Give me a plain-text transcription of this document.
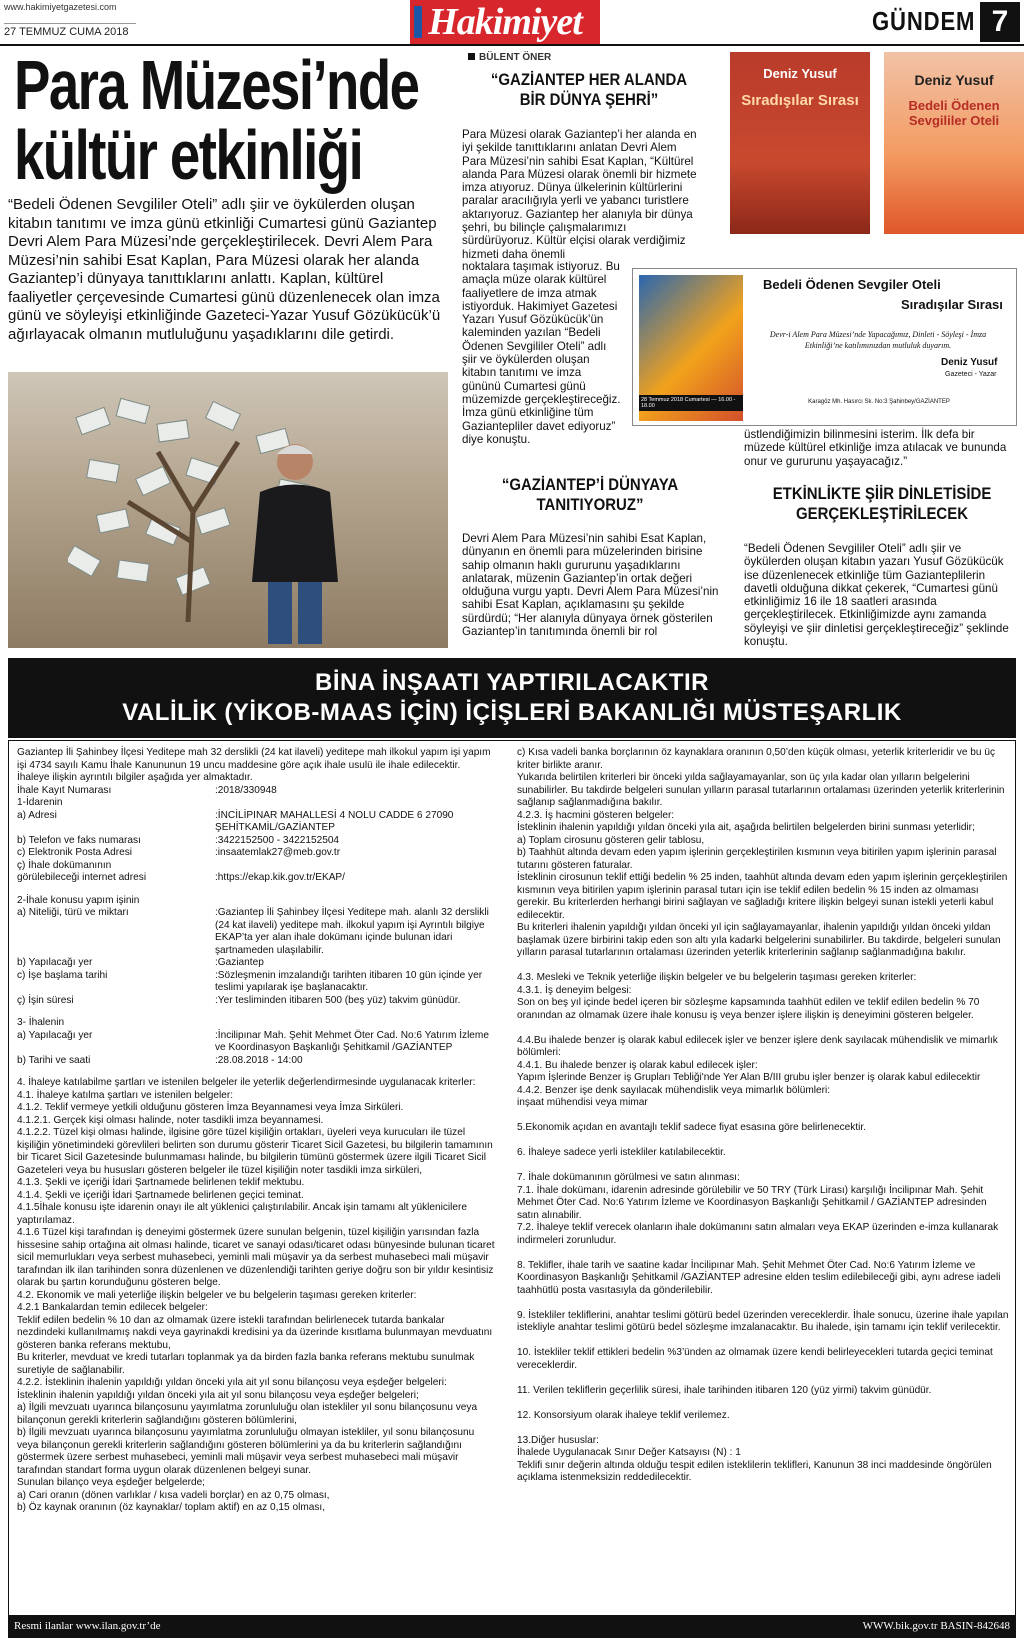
www.hakimiyetgazetesi.com
27 TEMMUZ CUMA 2018	Hakimiyet	GÜNDEM 7
Para Müzesi’nde
kültür etkinliği
“Bedeli Ödenen Sevgililer Oteli” adlı şiir ve öykülerden oluşan kitabın tanıtımı ve imza günü etkinliği Cumartesi günü Gaziantep Devri Alem Para Müzesi’nde gerçekleştirilecek. Devri Alem Para Müzesi’nin sahibi Esat Kaplan, Para Müzesi olarak her alanda Gaziantep’i dünyaya tanıttıklarını anlattı. Kaplan, kültürel faaliyetler çerçevesinde Cumartesi günü düzenlenecek olan imza günü ve söyleyişi etkinliğinde Gazeteci-Yazar Yusuf Gözükücük’ü ağırlayacak olmanın mutluluğunu yaşadıklarını dile getirdi.
BÜLENT ÖNER
“GAZİANTEP HER ALANDA BİR DÜNYA ŞEHRİ”
Para Müzesi olarak Gaziantep’i her alanda en iyi şekilde tanıttıklarını anlatan Devri Alem Para Müzesi’nin sahibi Esat Kaplan, “Kültürel alanda Para Müzesi olarak önemli bir hizmete imza atıyoruz. Dünya ülkelerinin kültürlerini paralar aracılığıyla yerli ve yabancı turistlere aktarıyoruz. Gaziantep her alanıyla bir dünya şehri, bu bilinçle çalışmalarımızı sürdürüyoruz. Kültür elçisi olarak verdiğimiz hizmeti daha önemli
noktalara taşımak istiyoruz. Bu amaçla müze olarak kültürel faaliyetlere de imza atmak istiyorduk. Hakimiyet Gazetesi Yazarı Yusuf Gözükücük’ün kaleminden yazılan “Bedeli Ödenen Sevgililer Oteli” adlı şiir ve öykülerden oluşan kitabın tanıtımı ve imza gününü Cumartesi günü müzemizde gerçekleştireceğiz. İmza günü etkinliğine tüm Gaziantepliler davet ediyoruz” diye konuştu.
“GAZİANTEP’İ DÜNYAYA TANITIYORUZ”
Devri Alem Para Müzesi’nin sahibi Esat Kaplan, dünyanın en önemli para müzelerinden birisine sahip olmanın haklı gururunu yaşadıklarını anlatarak, müzenin Gaziantep’in ortak değeri olduğuna vurgu yaptı. Devri Alem Para Müzesi’nin sahibi Esat Kaplan, açıklamasını şu şekilde sürdürdü; “Her alanıyla dünyaya örnek gösterilen Gaziantep’in tanıtımında önemli bir rol
Deniz Yusuf
Sıradışılar Sırası
Deniz Yusuf
Bedeli Ödenen Sevgililer Oteli
28 Temmuz 2018 Cumartesi — 16.00 - 18.00
Bedeli Ödenen Sevgiler Oteli
Sıradışılar Sırası
Devr-i Alem Para Müzesi’nde Yapacağımız, Dinleti - Söyleşi - İmza Etkinliği’ne katılımınızdan mutluluk duyarım.
Deniz Yusuf
Gazeteci - Yazar
Karagöz Mh. Hasırcı Sk. No:3 Şahinbey/GAZİANTEP
üstlendiğimizin bilinmesini isterim. İlk defa bir müzede kültürel etkinliğe imza atılacak ve bununda onur ve gururunu yaşayacağız.”
ETKİNLİKTE ŞİİR DİNLETİSİDE GERÇEKLEŞTİRİLECEK
“Bedeli Ödenen Sevgililer Oteli” adlı şiir ve öykülerden oluşan kitabın yazarı Yusuf Gözükücük ise düzenlenecek etkinliğe tüm Gazianteplilerin davetli olduğuna dikkat çekerek, “Cumartesi günü etkinliğimiz 16 ile 18 saatleri arasında gerçekleştirilecek. Etkinliğimizde aynı zamanda söyleyişi ve şiir dinletisi gerçekleştireceğiz” şeklinde konuştu.
BİNA İNŞAATI YAPTIRILACAKTIR
VALİLİK (YİKOB-MAAS İÇİN) İÇİŞLERİ BAKANLIĞI MÜSTEŞARLIK

Gaziantep İli Şahinbey İlçesi Yeditepe mah 32 derslikli (24 kat ilaveli) yeditepe mah ilkokul yapım işi yapım işi 4734 sayılı Kamu İhale Kanununun 19 uncu maddesine göre açık ihale usulü ile ihale edilecektir. İhaleye ilişkin ayrıntılı bilgiler aşağıda yer almaktadır.

İhale Kayıt Numarası	:2018/330948

1-İdarenin

a) Adresi	:İNCİLİPINAR MAHALLESİ 4 NOLU CADDE 6 27090 ŞEHİTKAMİL/GAZİANTEP
b) Telefon ve faks numarası	:3422152500 - 3422152504
c) Elektronik Posta Adresi	:insaatemlak27@meb.gov.tr

ç) İhale dokümanının

görülebileceği internet adresi	:https://ekap.kik.gov.tr/EKAP/

2-İhale konusu yapım işinin

a) Niteliği, türü ve miktarı	:Gaziantep İli Şahinbey İlçesi Yeditepe mah. alanlı 32 derslikli (24 kat ilaveli) yeditepe mah. ilkokul yapım işi Ayrıntılı bilgiye EKAP’ta yer alan ihale dokümanı içinde bulunan idari şartnameden ulaşılabilir.
b) Yapılacağı yer	:Gaziantep
c) İşe başlama tarihi	:Sözleşmenin imzalandığı tarihten itibaren 10 gün içinde yer teslimi yapılarak işe başlanacaktır.
ç) İşin süresi	:Yer tesliminden itibaren 500 (beş yüz) takvim günüdür.

3- İhalenin

a) Yapılacağı yer	:İncilipınar Mah. Şehit Mehmet Öter Cad. No:6 Yatırım İzleme ve Koordinasyon Başkanlığı Şehitkamil /GAZİANTEP
b) Tarihi ve saati	:28.08.2018 - 14:00

4. İhaleye katılabilme şartları ve istenilen belgeler ile yeterlik değerlendirmesinde uygulanacak kriterler:
4.1. İhaleye katılma şartları ve istenilen belgeler:
4.1.2. Teklif vermeye yetkili olduğunu gösteren İmza Beyannamesi veya İmza Sirküleri.
4.1.2.1. Gerçek kişi olması halinde, noter tasdikli imza beyannamesi.
4.1.2.2. Tüzel kişi olması halinde, ilgisine göre tüzel kişiliğin ortakları, üyeleri veya kurucuları ile tüzel kişiliğin yönetimindeki görevlileri belirten son durumu gösterir Ticaret Sicil Gazetesi, bu bilgilerin tamamının bir Ticaret Sicil Gazetesinde bulunmaması halinde, bu bilgilerin tümünü göstermek üzere ilgili Ticaret Sicil Gazeteleri veya bu hususları gösteren belgeler ile tüzel kişiliğin noter tasdikli imza sirküleri,
4.1.3. Şekli ve içeriği İdari Şartnamede belirlenen teklif mektubu.
4.1.4. Şekli ve içeriği İdari Şartnamede belirlenen geçici teminat.
4.1.5İhale konusu işte idarenin onayı ile alt yüklenici çalıştırılabilir. Ancak işin tamamı alt yüklenicilere yaptırılamaz.
4.1.6 Tüzel kişi tarafından iş deneyimi göstermek üzere sunulan belgenin, tüzel kişiliğin yarısından fazla hissesine sahip ortağına ait olması halinde, ticaret ve sanayi odası/ticaret odası bünyesinde bulunan ticaret sicil memurlukları veya serbest muhasebeci, yeminli mali müşavir ya da serbest muhasebeci mali müşavir tarafından ilk ilan tarihinden sonra düzenlenen ve düzenlendiği tarihten geriye doğru son bir yıldır kesintisiz olarak bu şartın korunduğunu gösteren belge.
4.2. Ekonomik ve mali yeterliğe ilişkin belgeler ve bu belgelerin taşıması gereken kriterler:
4.2.1 Bankalardan temin edilecek belgeler:
Teklif edilen bedelin % 10 dan az olmamak üzere istekli tarafından belirlenecek tutarda bankalar nezdindeki kullanılmamış nakdi veya gayrinakdi kredisini ya da üzerinde kısıtlama bulunmayan mevduatını gösteren banka referans mektubu,
Bu kriterler, mevduat ve kredi tutarları toplanmak ya da birden fazla banka referans mektubu sunulmak suretiyle de sağlanabilir.
4.2.2. İsteklinin ihalenin yapıldığı yıldan önceki yıla ait yıl sonu bilançosu veya eşdeğer belgeleri:
İsteklinin ihalenin yapıldığı yıldan önceki yıla ait yıl sonu bilançosu veya eşdeğer belgeleri;
a) İlgili mevzuatı uyarınca bilançosunu yayımlatma zorunluluğu olan istekliler yıl sonu bilançosunu veya bilançonun gerekli kriterlerin sağlandığını gösteren bölümlerini,
b) İlgili mevzuatı uyarınca bilançosunu yayımlatma zorunluluğu olmayan istekliler, yıl sonu bilançosunu veya bilançonun gerekli kriterlerin sağlandığını gösteren bölümlerini ya da bu kriterlerin sağlandığını göstermek üzere serbest muhasebeci, yeminli mali müşavir veya serbest muhasebeci mali müşavir tarafından standart forma uygun olarak düzenlenen belgeyi sunar.
Sunulan bilanço veya eşdeğer belgelerde;
a) Cari oranın (dönen varlıklar / kısa vadeli borçlar) en az 0,75 olması,
b) Öz kaynak oranının (öz kaynaklar/ toplam aktif) en az 0,15 olması,

c) Kısa vadeli banka borçlarının öz kaynaklara oranının 0,50’den küçük olması, yeterlik kriterleridir ve bu üç kriter birlikte aranır.
Yukarıda belirtilen kriterleri bir önceki yılda sağlayamayanlar, son üç yıla kadar olan yılların belgelerini sunabilirler. Bu takdirde belgeleri sunulan yılların parasal tutarlarının ortalaması üzerinden yeterlik kriterlerinin sağlanıp sağlanmadığına bakılır.
4.2.3. İş hacmini gösteren belgeler:
İsteklinin ihalenin yapıldığı yıldan önceki yıla ait, aşağıda belirtilen belgelerden birini sunması yeterlidir;
a) Toplam cirosunu gösteren gelir tablosu,
b) Taahhüt altında devam eden yapım işlerinin gerçekleştirilen kısmının veya bitirilen yapım işlerinin parasal tutarını gösteren faturalar.
İsteklinin cirosunun teklif ettiği bedelin % 25 inden, taahhüt altında devam eden yapım işlerinin gerçekleştirilen kısmının veya bitirilen yapım işlerinin parasal tutarı için ise teklif edilen bedelin % 15 inden az olmaması gerekir. Bu kriterlerden herhangi birini sağlayan ve sağladığı kritere ilişkin belgeyi sunan istekli yeterli kabul edilecektir.
Bu kriterleri ihalenin yapıldığı yıldan önceki yıl için sağlayamayanlar, ihalenin yapıldığı yıldan önceki yıldan başlamak üzere birbirini takip eden son altı yıla kadarki belgelerini sunabilirler. Bu takdirde, belgeleri sunulan yılların parasal tutarlarının ortalaması üzerinden yeterlik kriterlerinin sağlanıp sağlanmadığına bakılır.

4.3. Mesleki ve Teknik yeterliğe ilişkin belgeler ve bu belgelerin taşıması gereken kriterler:
4.3.1. İş deneyim belgesi:
Son on beş yıl içinde bedel içeren bir sözleşme kapsamında taahhüt edilen ve teklif edilen bedelin % 70 oranından az olmamak üzere ihale konusu iş veya benzer işlere ilişkin iş deneyimini gösteren belgeler.

4.4.Bu ihalede benzer iş olarak kabul edilecek işler ve benzer işlere denk sayılacak mühendislik ve mimarlık bölümleri:
4.4.1. Bu ihalede benzer iş olarak kabul edilecek işler:
Yapım İşlerinde Benzer iş Grupları Tebliği'nde Yer Alan B/III grubu işler benzer iş olarak kabul edilecektir
4.4.2. Benzer işe denk sayılacak mühendislik veya mimarlık bölümleri:
inşaat mühendisi veya mimar

5.Ekonomik açıdan en avantajlı teklif sadece fiyat esasına göre belirlenecektir.

6. İhaleye sadece yerli istekliler katılabilecektir.

7. İhale dokümanının görülmesi ve satın alınması:
7.1. İhale dokümanı, idarenin adresinde görülebilir ve 50 TRY (Türk Lirası) karşılığı İncilipınar Mah. Şehit Mehmet Öter Cad. No:6 Yatırım İzleme ve Koordinasyon Başkanlığı Şehitkamil / GAZİANTEP adresinden satın alınabilir.
7.2. İhaleye teklif verecek olanların ihale dokümanını satın almaları veya EKAP üzerinden e-imza kullanarak indirmeleri zorunludur.

8. Teklifler, ihale tarih ve saatine kadar İncilipınar Mah. Şehit Mehmet Öter Cad. No:6 Yatırım İzleme ve Koordinasyon Başkanlığı Şehitkamil /GAZİANTEP adresine elden teslim edilebileceği gibi, aynı adrese iadeli taahhütlü posta vasıtasıyla da gönderilebilir.

9. İstekliler tekliflerini, anahtar teslimi götürü bedel üzerinden vereceklerdir. İhale sonucu, üzerine ihale yapılan istekliyle anahtar teslimi götürü bedel sözleşme imzalanacaktır. Bu ihalede, işin tamamı için teklif verilecektir.

10. İstekliler teklif ettikleri bedelin %3’ünden az olmamak üzere kendi belirleyecekleri tutarda geçici teminat vereceklerdir.

11. Verilen tekliflerin geçerlilik süresi, ihale tarihinden itibaren 120 (yüz yirmi) takvim günüdür.

12. Konsorsiyum olarak ihaleye teklif verilemez.

13.Diğer hususlar:
İhalede Uygulanacak Sınır Değer Katsayısı (N) : 1
Teklifi sınır değerin altında olduğu tespit edilen isteklilerin teklifleri, Kanunun 38 inci maddesinde öngörülen açıklama istenmeksizin reddedilecektir.

Resmi ilanlar www.ilan.gov.tr’de	WWW.bik.gov.tr BASIN-842648
